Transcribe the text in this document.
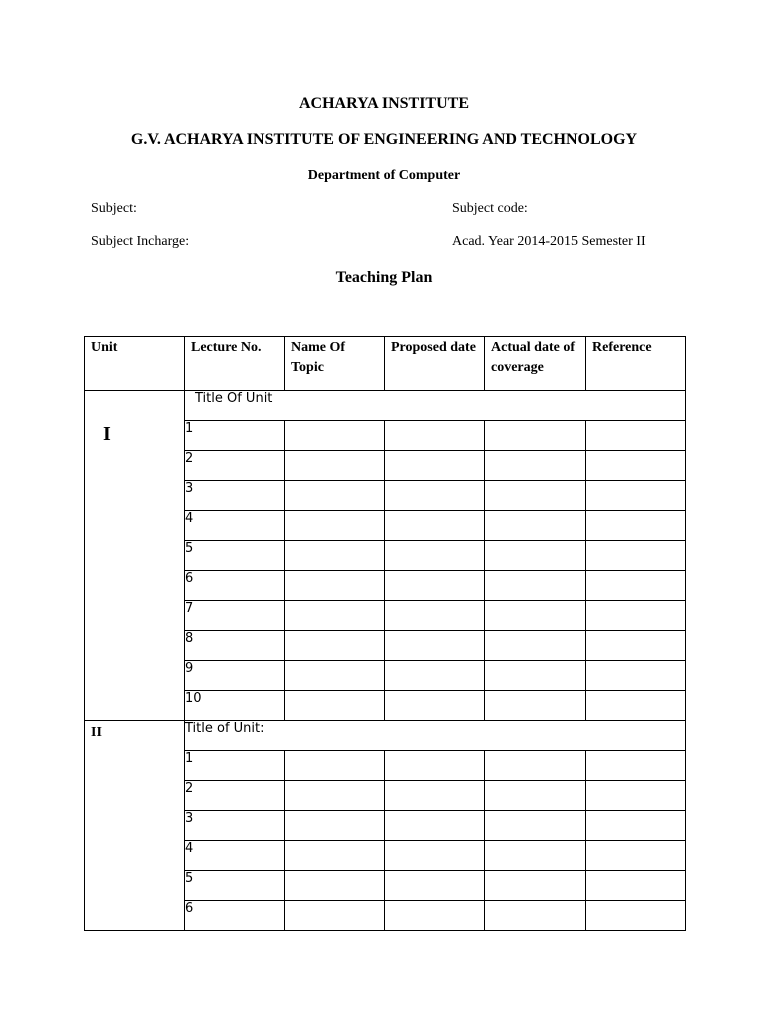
ACHARYA INSTITUTE
G.V. ACHARYA INSTITUTE OF ENGINEERING AND TECHNOLOGY
Department of Computer
Subject:	Subject code:
Subject Incharge:	Acad. Year 2014-2015 Semester II
Teaching Plan
Unit	Lecture No.	Name Of Topic	Proposed date	Actual date of coverage	Reference
I	Title Of Unit				
	1				
	2				
	3				
	4				
	5				
	6				
	7				
	8				
	9				
	10				
II	Title of Unit:				
	1				
	2				
	3				
	4				
	5				
	6				
